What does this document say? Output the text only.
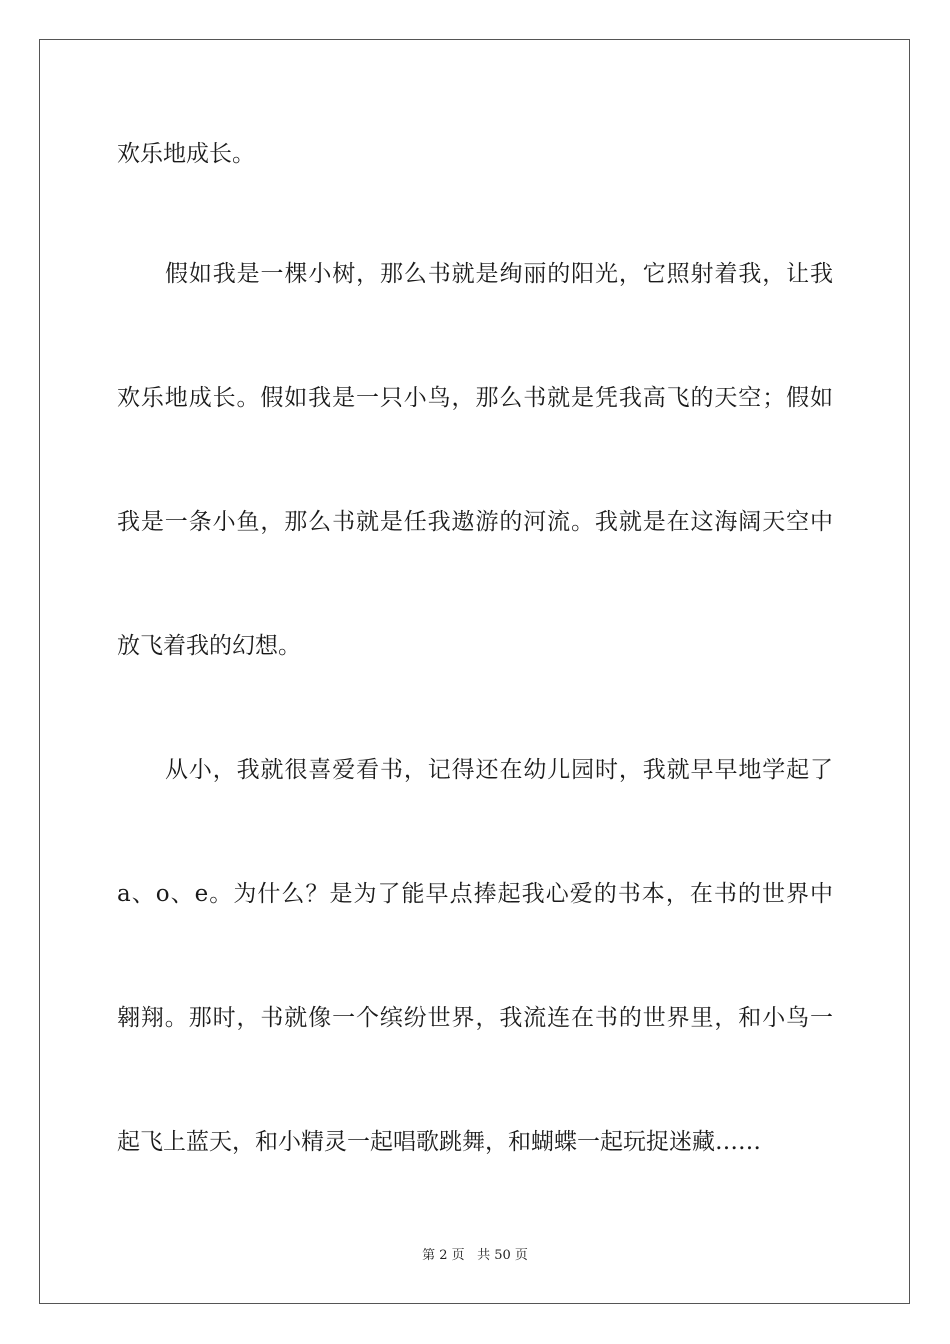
欢乐地成长。
假如我是一棵小树，那么书就是绚丽的阳光，它照射着我，让我
欢乐地成长。假如我是一只小鸟，那么书就是凭我高飞的天空；假如
我是一条小鱼，那么书就是任我遨游的河流。我就是在这海阔天空中
放飞着我的幻想。
从小，我就很喜爱看书，记得还在幼儿园时，我就早早地学起了
a、o、e。为什么？是为了能早点捧起我心爱的书本，在书的世界中
翱翔。那时，书就像一个缤纷世界，我流连在书的世界里，和小鸟一
起飞上蓝天，和小精灵一起唱歌跳舞，和蝴蝶一起玩捉迷藏……
第 2 页 共 50 页
